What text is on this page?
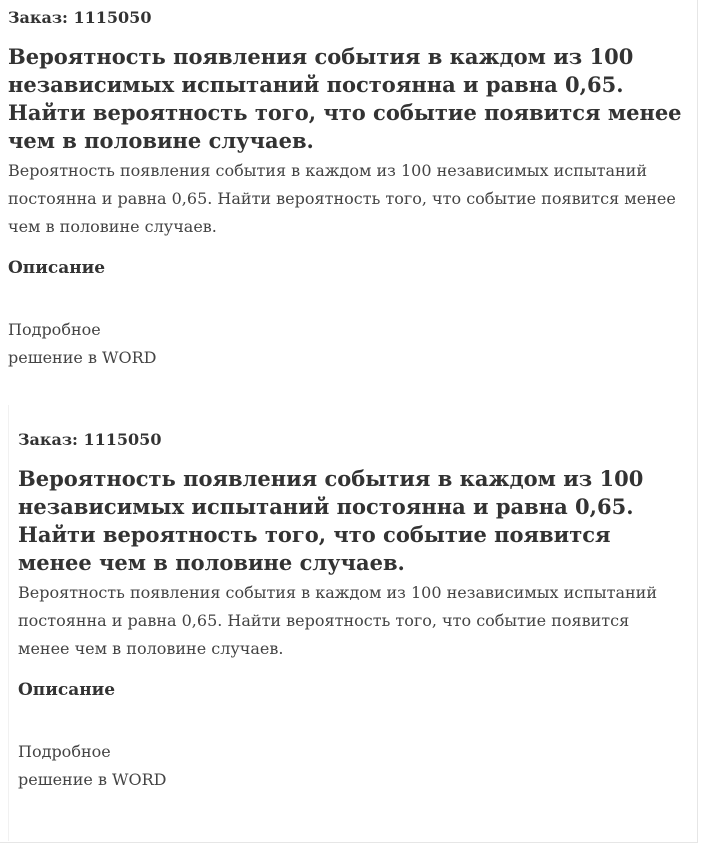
Заказ: 1115050

Вероятность появления события в каждом из 100 независимых испытаний постоянна и равна 0,65. Найти вероятность того, что событие появится менее чем в половине случаев.

Вероятность появления события в каждом из 100 независимых испытаний постоянна и равна 0,65. Найти вероятность того, что событие появится менее чем в половине случаев.

Описание

Подробное

решение в WORD

Заказ: 1115050

Вероятность появления события в каждом из 100 независимых испытаний постоянна и равна 0,65. Найти вероятность того, что событие появится менее чем в половине случаев.

Вероятность появления события в каждом из 100 независимых испытаний постоянна и равна 0,65. Найти вероятность того, что событие появится менее чем в половине случаев.

Описание

Подробное

решение в WORD
